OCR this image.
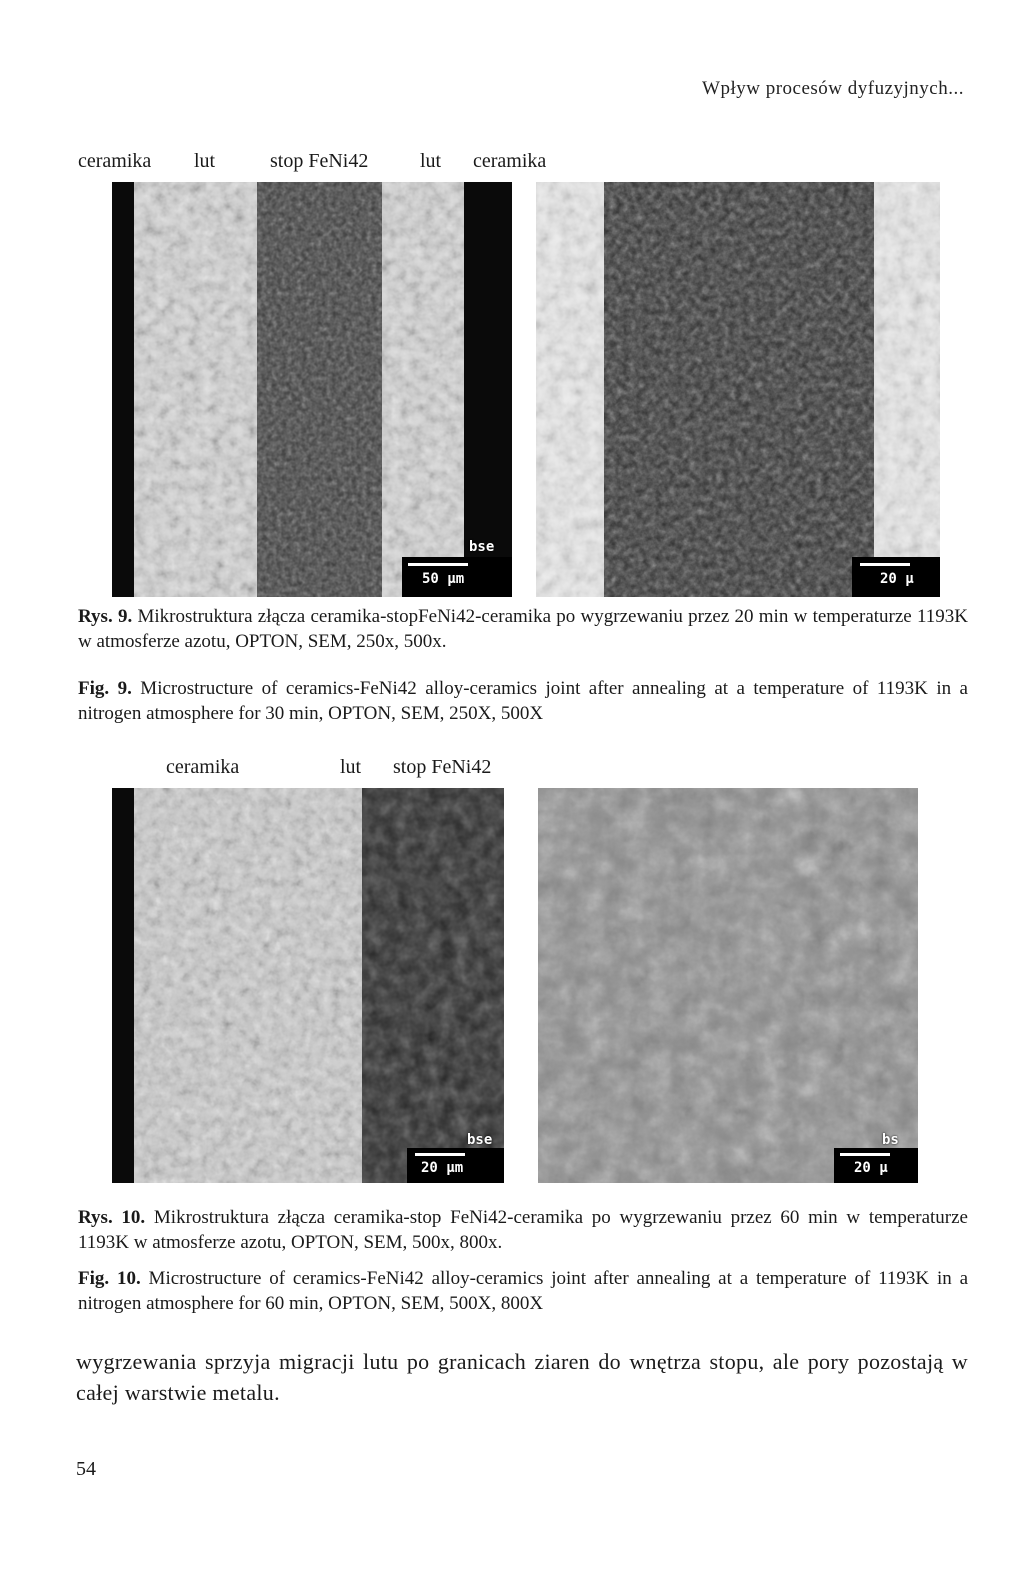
Wpływ procesów dyfuzyjnych...
ceramika lut	stop FeNi42	lut ceramika
50 µm
bse
20 µ
Rys. 9. Mikrostruktura złącza ceramika-stopFeNi42-ceramika po wygrzewaniu przez 20 min w temperaturze 1193K w atmosferze azotu, OPTON, SEM, 250x, 500x.
Fig. 9. Microstructure of ceramics-FeNi42 alloy-ceramics joint after annealing at a temperature of 1193K in a nitrogen atmosphere for 30 min, OPTON, SEM, 250X, 500X
ceramika	lut stop FeNi42
20 µm
bse
20 µ
bs
Rys. 10. Mikrostruktura złącza ceramika-stop FeNi42-ceramika po wygrzewaniu przez 60 min w temperaturze 1193K w atmosferze azotu, OPTON, SEM, 500x, 800x.
Fig. 10. Microstructure of ceramics-FeNi42 alloy-ceramics joint after annealing at a temperature of 1193K in a nitrogen atmosphere for 60 min, OPTON, SEM, 500X, 800X
wygrzewania sprzyja migracji lutu po granicach ziaren do wnętrza stopu, ale pory pozostają w całej warstwie metalu.
54
